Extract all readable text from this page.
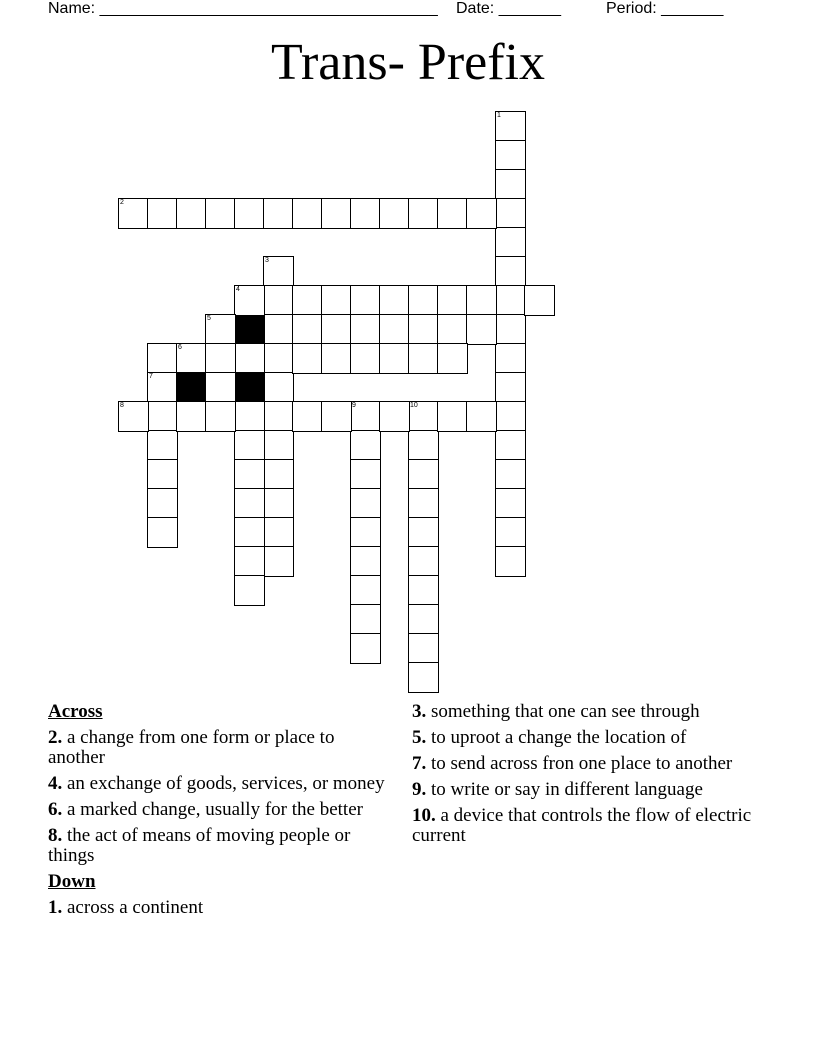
Name: ______________________________________ Date: _______	Period: _______
Trans- Prefix
1
3
7
9	10
2
4
5
6
8
Across
2. a change from one form or place to another
4. an exchange of goods, services, or money
6. a marked change, usually for the better
8. the act of means of moving people or things
Down
1. across a continent
3. something that one can see through
5. to uproot a change the location of
7. to send across fron one place to another
9. to write or say in different language
10. a device that controls the flow of electric current
